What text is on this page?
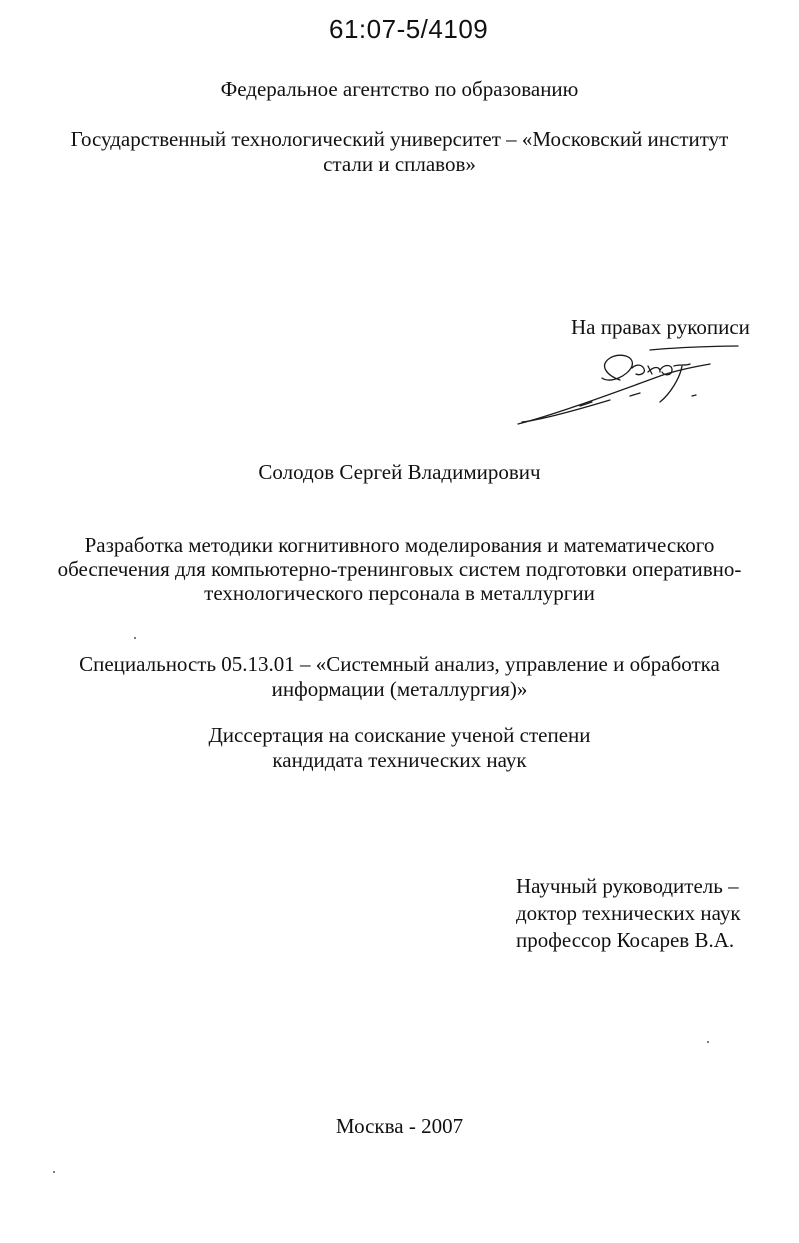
61:07-5/4109
Федеральное агентство по образованию
Государственный технологический университет – «Московский институт
стали и сплавов»
На правах рукописи
Солодов Сергей Владимирович
Разработка методики когнитивного моделирования и математического
обеспечения для компьютерно-тренинговых систем подготовки оперативно-
технологического персонала в металлургии
Специальность 05.13.01 – «Системный анализ, управление и обработка
информации (металлургия)»
Диссертация на соискание ученой степени
кандидата технических наук
Научный руководитель –
доктор технических наук
профессор Косарев В.А.
Москва - 2007
